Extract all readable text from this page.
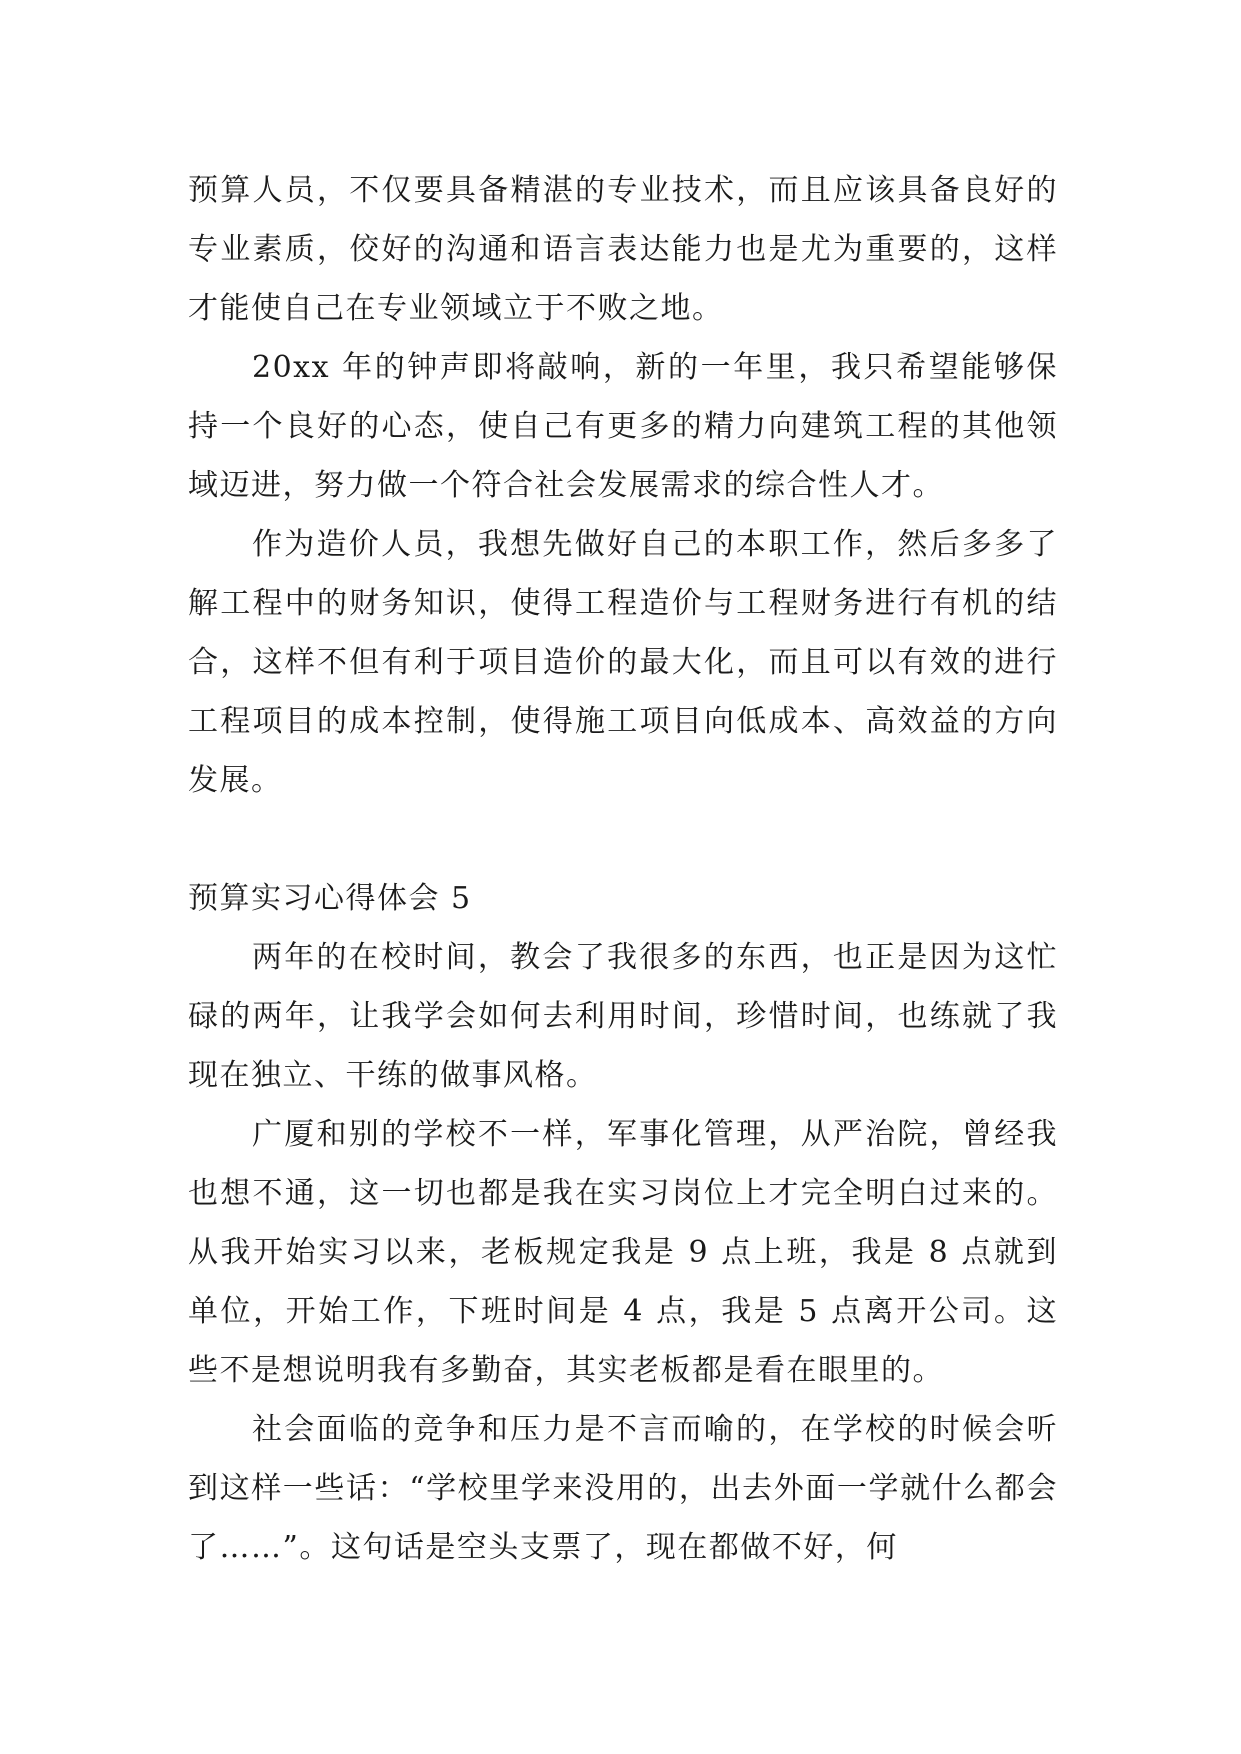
预算人员，不仅要具备精湛的专业技术，而且应该具备良好的专业素质，佼好的沟通和语言表达能力也是尤为重要的，这样才能使自己在专业领域立于不败之地。

20xx 年的钟声即将敲响，新的一年里，我只希望能够保持一个良好的心态，使自己有更多的精力向建筑工程的其他领域迈进，努力做一个符合社会发展需求的综合性人才。

作为造价人员，我想先做好自己的本职工作，然后多多了解工程中的财务知识，使得工程造价与工程财务进行有机的结合，这样不但有利于项目造价的最大化，而且可以有效的进行工程项目的成本控制，使得施工项目向低成本、高效益的方向发展。

预算实习心得体会 5

两年的在校时间，教会了我很多的东西，也正是因为这忙碌的两年，让我学会如何去利用时间，珍惜时间，也练就了我现在独立、干练的做事风格。

广厦和别的学校不一样，军事化管理，从严治院，曾经我也想不通，这一切也都是我在实习岗位上才完全明白过来的。从我开始实习以来，老板规定我是 9 点上班，我是 8 点就到单位，开始工作，下班时间是 4 点，我是 5 点离开公司。这些不是想说明我有多勤奋，其实老板都是看在眼里的。

社会面临的竞争和压力是不言而喻的，在学校的时候会听到这样一些话：“学校里学来没用的，出去外面一学就什么都会了……”。这句话是空头支票了，现在都做不好，何
